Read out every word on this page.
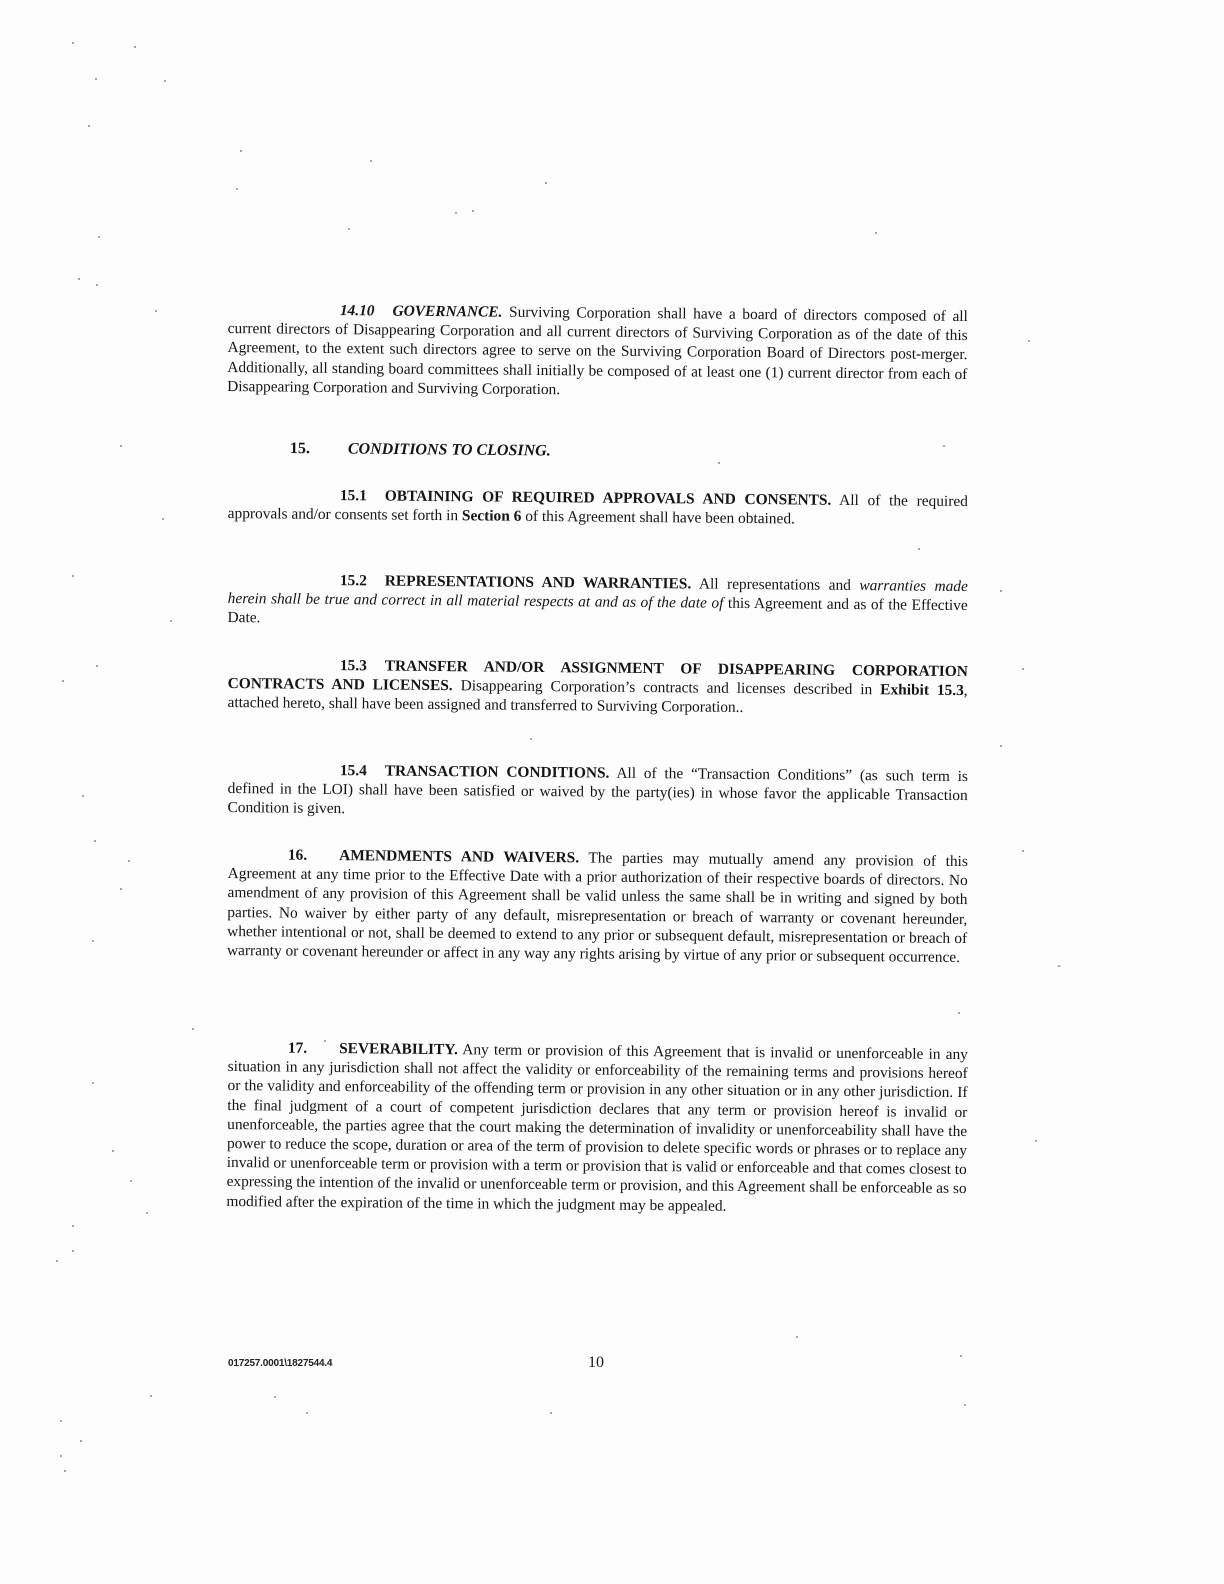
14.10 GOVERNANCE. Surviving Corporation shall have a board of directors composed of all current directors of Disappearing Corporation and all current directors of Surviving Corporation as of the date of this Agreement, to the extent such directors agree to serve on the Surviving Corporation Board of Directors post-merger. Additionally, all standing board committees shall initially be composed of at least one (1) current director from each of Disappearing Corporation and Surviving Corporation.
15. CONDITIONS TO CLOSING.
15.1 OBTAINING OF REQUIRED APPROVALS AND CONSENTS. All of the required approvals and/or consents set forth in Section 6 of this Agreement shall have been obtained.
15.2 REPRESENTATIONS AND WARRANTIES. All representations and warranties made herein shall be true and correct in all material respects at and as of the date of this Agreement and as of the Effective Date.
15.3 TRANSFER AND/OR ASSIGNMENT OF DISAPPEARING CORPORATION CONTRACTS AND LICENSES. Disappearing Corporation’s contracts and licenses described in Exhibit 15.3, attached hereto, shall have been assigned and transferred to Surviving Corporation..
15.4 TRANSACTION CONDITIONS. All of the “Transaction Conditions” (as such term is defined in the LOI) shall have been satisfied or waived by the party(ies) in whose favor the applicable Transaction Condition is given.
16. AMENDMENTS AND WAIVERS. The parties may mutually amend any provision of this Agreement at any time prior to the Effective Date with a prior authorization of their respective boards of directors. No amendment of any provision of this Agreement shall be valid unless the same shall be in writing and signed by both parties. No waiver by either party of any default, misrepresentation or breach of warranty or covenant hereunder, whether intentional or not, shall be deemed to extend to any prior or subsequent default, misrepresentation or breach of warranty or covenant hereunder or affect in any way any rights arising by virtue of any prior or subsequent occurrence.
17. SEVERABILITY. Any term or provision of this Agreement that is invalid or unenforceable in any situation in any jurisdiction shall not affect the validity or enforceability of the remaining terms and provisions hereof or the validity and enforceability of the offending term or provision in any other situation or in any other jurisdiction. If the final judgment of a court of competent jurisdiction declares that any term or provision hereof is invalid or unenforceable, the parties agree that the court making the determination of invalidity or unenforceability shall have the power to reduce the scope, duration or area of the term of provision to delete specific words or phrases or to replace any invalid or unenforceable term or provision with a term or provision that is valid or enforceable and that comes closest to expressing the intention of the invalid or unenforceable term or provision, and this Agreement shall be enforceable as so modified after the expiration of the time in which the judgment may be appealed.
017257.0001\1827544.4	10
